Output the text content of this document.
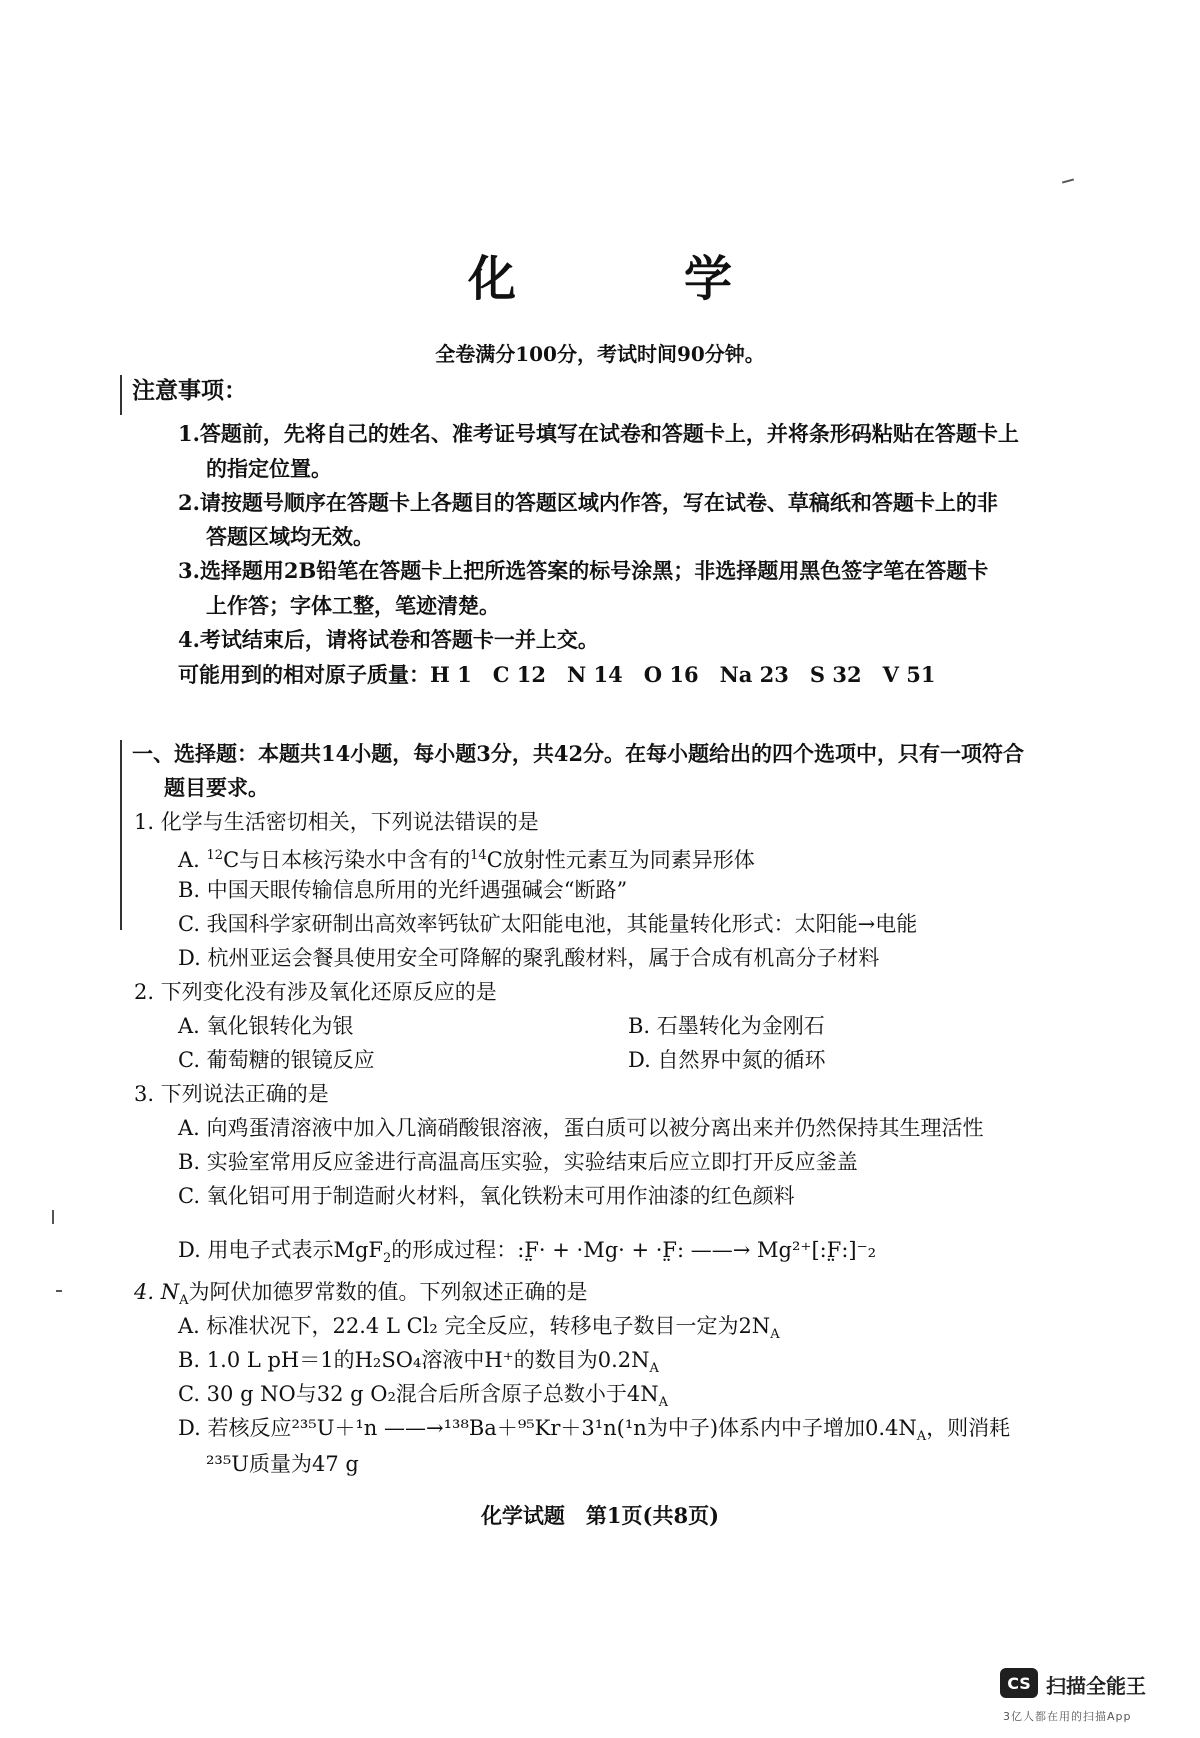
化　学
全卷满分100分，考试时间90分钟。
注意事项：
1.答题前，先将自己的姓名、准考证号填写在试卷和答题卡上，并将条形码粘贴在答题卡上
的指定位置。
2.请按题号顺序在答题卡上各题目的答题区域内作答，写在试卷、草稿纸和答题卡上的非
答题区域均无效。
3.选择题用2B铅笔在答题卡上把所选答案的标号涂黑；非选择题用黑色签字笔在答题卡
上作答；字体工整，笔迹清楚。
4.考试结束后，请将试卷和答题卡一并上交。
可能用到的相对原子质量：H 1　C 12　N 14　O 16　Na 23　S 32　V 51
一、选择题：本题共14小题，每小题3分，共42分。在每小题给出的四个选项中，只有一项符合
题目要求。
1. 化学与生活密切相关，下列说法错误的是
A. $^{12}$C与日本核污染水中含有的$^{14}$C放射性元素互为同素异形体
B. 中国天眼传输信息所用的光纤遇强碱会“断路”
C. 我国科学家研制出高效率钙钛矿太阳能电池，其能量转化形式：太阳能→电能
D. 杭州亚运会餐具使用安全可降解的聚乳酸材料，属于合成有机高分子材料
2. 下列变化没有涉及氧化还原反应的是
A. 氧化银转化为银	B. 石墨转化为金刚石
C. 葡萄糖的银镜反应	D. 自然界中氮的循环
3. 下列说法正确的是
A. 向鸡蛋清溶液中加入几滴硝酸银溶液，蛋白质可以被分离出来并仍然保持其生理活性
B. 实验室常用反应釜进行高温高压实验，实验结束后应立即打开反应釜盖
C. 氧化铝可用于制造耐火材料，氧化铁粉末可用作油漆的红色颜料
D. 用电子式表示MgF$_2$的形成过程：:F̤· + ·Mg· + ·F̤: ——→ Mg²⁺[:F̤:]⁻₂
4. $N_A$为阿伏加德罗常数的值。下列叙述正确的是
A. 标准状况下，22.4 L Cl₂ 完全反应，转移电子数目一定为$2N_A$
B. 1.0 L pH＝1的H₂SO₄溶液中H⁺的数目为$0.2N_A$
C. 30 g NO与32 g O₂混合后所含原子总数小于$4N_A$
D. 若核反应²³⁵U＋¹n ——→¹³⁸Ba＋⁹⁵Kr＋3¹n(¹n为中子)体系内中子增加$0.4N_A$，则消耗
²³⁵U质量为47 g
化学试题　第1页(共8页)
CS 扫描全能王
3亿人都在用的扫描App
